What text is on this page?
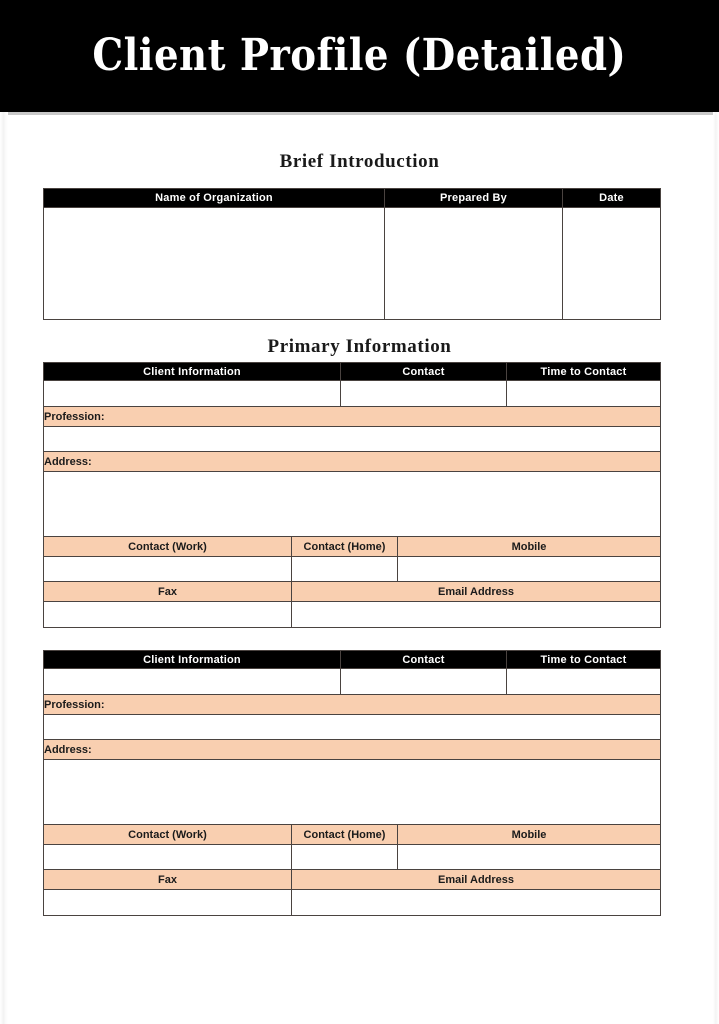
Client Profile (Detailed)
Brief Introduction
Name of Organization	Prepared By	Date

Primary Information
Client Information		Contact		Time to Contact

Profession:				

Address:				

Contact (Work)	Contact (Home)		Mobile	

Fax	Email Address			

Client Information		Contact		Time to Contact

Profession:				

Address:				

Contact (Work)	Contact (Home)		Mobile	

Fax	Email Address			
